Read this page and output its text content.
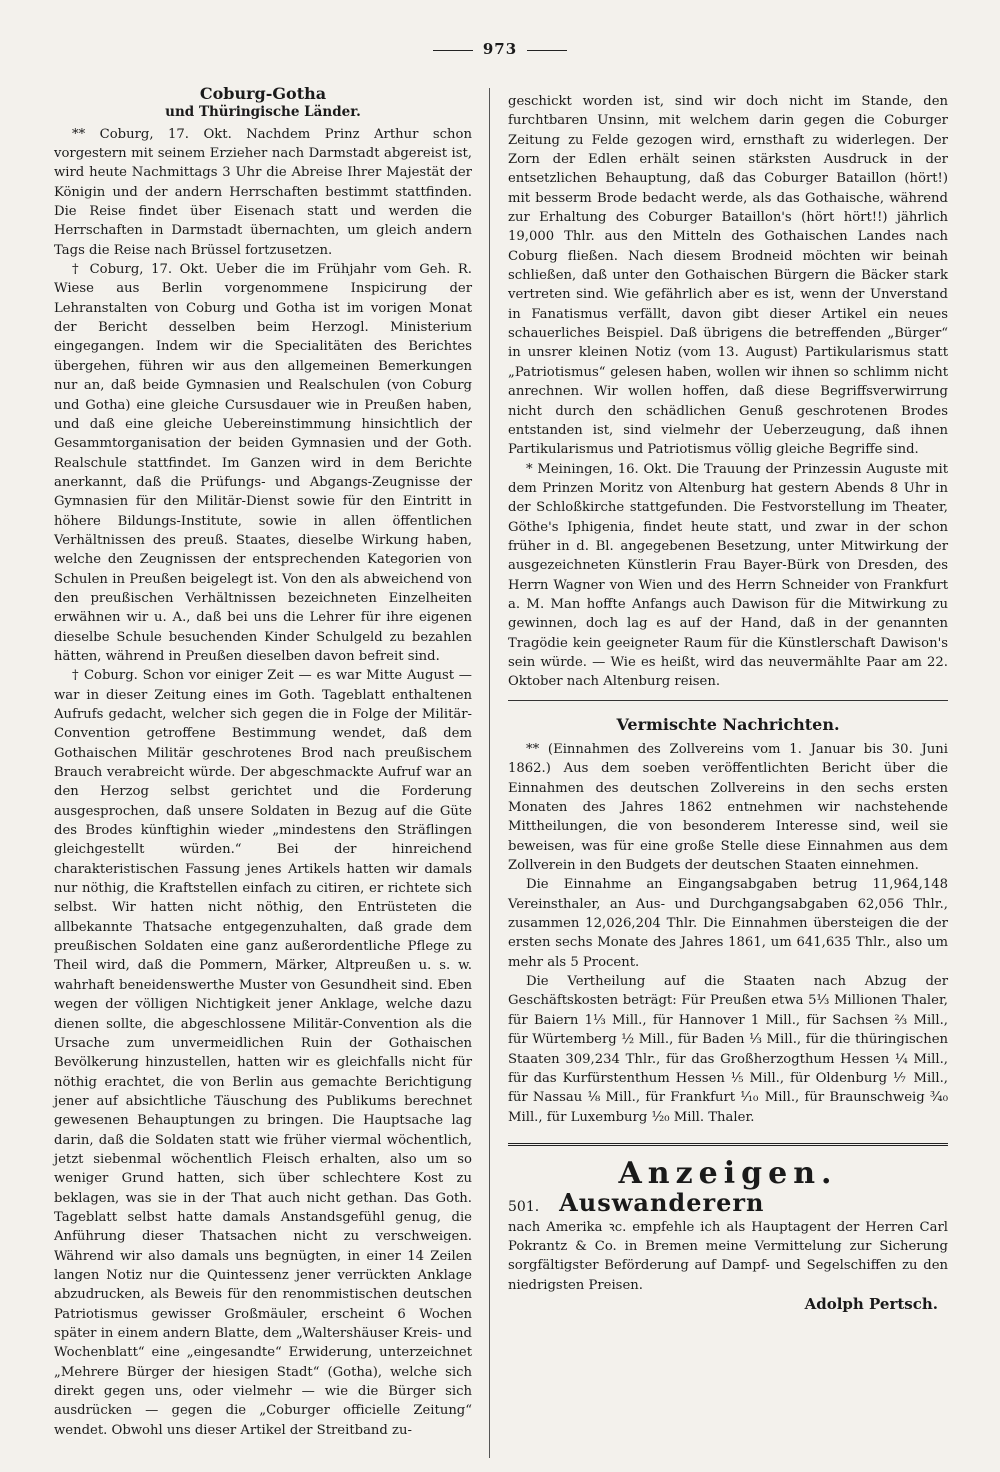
973

Coburg-Gotha

und Thüringische Länder.

** Coburg, 17. Okt. Nachdem Prinz Arthur schon vorgestern mit seinem Erzieher nach Darmstadt abgereist ist, wird heute Nachmittags 3 Uhr die Abreise Ihrer Majestät der Königin und der andern Herrschaften bestimmt stattfinden. Die Reise findet über Eisenach statt und werden die Herrschaften in Darmstadt übernachten, um gleich andern Tags die Reise nach Brüssel fortzusetzen.

† Coburg, 17. Okt. Ueber die im Frühjahr vom Geh. R. Wiese aus Berlin vorgenommene Inspicirung der Lehranstalten von Coburg und Gotha ist im vorigen Monat der Bericht desselben beim Herzogl. Ministerium eingegangen. Indem wir die Specialitäten des Berichtes übergehen, führen wir aus den allgemeinen Bemerkungen nur an, daß beide Gymnasien und Realschulen (von Coburg und Gotha) eine gleiche Cursusdauer wie in Preußen haben, und daß eine gleiche Uebereinstimmung hinsichtlich der Gesammtorganisation der beiden Gymnasien und der Goth. Realschule stattfindet. Im Ganzen wird in dem Berichte anerkannt, daß die Prüfungs- und Abgangs-Zeugnisse der Gymnasien für den Militär-Dienst sowie für den Eintritt in höhere Bildungs-Institute, sowie in allen öffentlichen Verhältnissen des preuß. Staates, dieselbe Wirkung haben, welche den Zeugnissen der entsprechenden Kategorien von Schulen in Preußen beigelegt ist. Von den als abweichend von den preußischen Verhältnissen bezeichneten Einzelheiten erwähnen wir u. A., daß bei uns die Lehrer für ihre eigenen dieselbe Schule besuchenden Kinder Schulgeld zu bezahlen hätten, während in Preußen dieselben davon befreit sind.

† Coburg. Schon vor einiger Zeit — es war Mitte August — war in dieser Zeitung eines im Goth. Tageblatt enthaltenen Aufrufs gedacht, welcher sich gegen die in Folge der Militär-Convention getroffene Bestimmung wendet, daß dem Gothaischen Militär geschrotenes Brod nach preußischem Brauch verabreicht würde. Der abgeschmackte Aufruf war an den Herzog selbst gerichtet und die Forderung ausgesprochen, daß unsere Soldaten in Bezug auf die Güte des Brodes künftighin wieder „mindestens den Sträflingen gleichgestellt würden.“ Bei der hinreichend charakteristischen Fassung jenes Artikels hatten wir damals nur nöthig, die Kraftstellen einfach zu citiren, er richtete sich selbst. Wir hatten nicht nöthig, den Entrüsteten die allbekannte Thatsache entgegenzuhalten, daß grade dem preußischen Soldaten eine ganz außerordentliche Pflege zu Theil wird, daß die Pommern, Märker, Altpreußen u. s. w. wahrhaft beneidenswerthe Muster von Gesundheit sind. Eben wegen der völligen Nichtigkeit jener Anklage, welche dazu dienen sollte, die abgeschlossene Militär-Convention als die Ursache zum unvermeidlichen Ruin der Gothaischen Bevölkerung hinzustellen, hatten wir es gleichfalls nicht für nöthig erachtet, die von Berlin aus gemachte Berichtigung jener auf absichtliche Täuschung des Publikums berechnet gewesenen Behauptungen zu bringen. Die Hauptsache lag darin, daß die Soldaten statt wie früher viermal wöchentlich, jetzt siebenmal wöchentlich Fleisch erhalten, also um so weniger Grund hatten, sich über schlechtere Kost zu beklagen, was sie in der That auch nicht gethan. Das Goth. Tageblatt selbst hatte damals Anstandsgefühl genug, die Anführung dieser Thatsachen nicht zu verschweigen. Während wir also damals uns begnügten, in einer 14 Zeilen langen Notiz nur die Quintessenz jener verrückten Anklage abzudrucken, als Beweis für den renommistischen deutschen Patriotismus gewisser Großmäuler, erscheint 6 Wochen später in einem andern Blatte, dem „Waltershäuser Kreis- und Wochenblatt“ eine „eingesandte“ Erwiderung, unterzeichnet „Mehrere Bürger der hiesigen Stadt“ (Gotha), welche sich direkt gegen uns, oder vielmehr — wie die Bürger sich ausdrücken — gegen die „Coburger officielle Zeitung“ wendet. Obwohl uns dieser Artikel der Streitband zu-

geschickt worden ist, sind wir doch nicht im Stande, den furchtbaren Unsinn, mit welchem darin gegen die Coburger Zeitung zu Felde gezogen wird, ernsthaft zu widerlegen. Der Zorn der Edlen erhält seinen stärksten Ausdruck in der entsetzlichen Behauptung, daß das Coburger Bataillon (hört!) mit besserm Brode bedacht werde, als das Gothaische, während zur Erhaltung des Coburger Bataillon's (hört hört!!) jährlich 19,000 Thlr. aus den Mitteln des Gothaischen Landes nach Coburg fließen. Nach diesem Brodneid möchten wir beinah schließen, daß unter den Gothaischen Bürgern die Bäcker stark vertreten sind. Wie gefährlich aber es ist, wenn der Unverstand in Fanatismus verfällt, davon gibt dieser Artikel ein neues schauerliches Beispiel. Daß übrigens die betreffenden „Bürger“ in unsrer kleinen Notiz (vom 13. August) Partikularismus statt „Patriotismus“ gelesen haben, wollen wir ihnen so schlimm nicht anrechnen. Wir wollen hoffen, daß diese Begriffsverwirrung nicht durch den schädlichen Genuß geschrotenen Brodes entstanden ist, sind vielmehr der Ueberzeugung, daß ihnen Partikularismus und Patriotismus völlig gleiche Begriffe sind.

* Meiningen, 16. Okt. Die Trauung der Prinzessin Auguste mit dem Prinzen Moritz von Altenburg hat gestern Abends 8 Uhr in der Schloßkirche stattgefunden. Die Festvorstellung im Theater, Göthe's Iphigenia, findet heute statt, und zwar in der schon früher in d. Bl. angegebenen Besetzung, unter Mitwirkung der ausgezeichneten Künstlerin Frau Bayer-Bürk von Dresden, des Herrn Wagner von Wien und des Herrn Schneider von Frankfurt a. M. Man hoffte Anfangs auch Dawison für die Mitwirkung zu gewinnen, doch lag es auf der Hand, daß in der genannten Tragödie kein geeigneter Raum für die Künstlerschaft Dawison's sein würde. — Wie es heißt, wird das neuvermählte Paar am 22. Oktober nach Altenburg reisen.

Vermischte Nachrichten.

** (Einnahmen des Zollvereins vom 1. Januar bis 30. Juni 1862.) Aus dem soeben veröffentlichten Bericht über die Einnahmen des deutschen Zollvereins in den sechs ersten Monaten des Jahres 1862 entnehmen wir nachstehende Mittheilungen, die von besonderem Interesse sind, weil sie beweisen, was für eine große Stelle diese Einnahmen aus dem Zollverein in den Budgets der deutschen Staaten einnehmen.

Die Einnahme an Eingangsabgaben betrug 11,964,148 Vereinsthaler, an Aus- und Durchgangsabgaben 62,056 Thlr., zusammen 12,026,204 Thlr. Die Einnahmen übersteigen die der ersten sechs Monate des Jahres 1861, um 641,635 Thlr., also um mehr als 5 Procent.

Die Vertheilung auf die Staaten nach Abzug der Geschäftskosten beträgt: Für Preußen etwa 5⅓ Millionen Thaler, für Baiern 1⅓ Mill., für Hannover 1 Mill., für Sachsen ⅔ Mill., für Würtemberg ½ Mill., für Baden ⅓ Mill., für die thüringischen Staaten 309,234 Thlr., für das Großherzogthum Hessen ¼ Mill., für das Kurfürstenthum Hessen ⅕ Mill., für Oldenburg ⅐ Mill., für Nassau ⅛ Mill., für Frankfurt ⅒ Mill., für Braunschweig ³⁄₄₀ Mill., für Luxemburg ¹⁄₂₀ Mill. Thaler.

Anzeigen.

501. Auswanderern

nach Amerika ꝛc. empfehle ich als Hauptagent der Herren Carl Pokrantz & Co. in Bremen meine Vermittelung zur Sicherung sorgfältigster Beförderung auf Dampf- und Segelschiffen zu den niedrigsten Preisen.

Adolph Pertsch.
